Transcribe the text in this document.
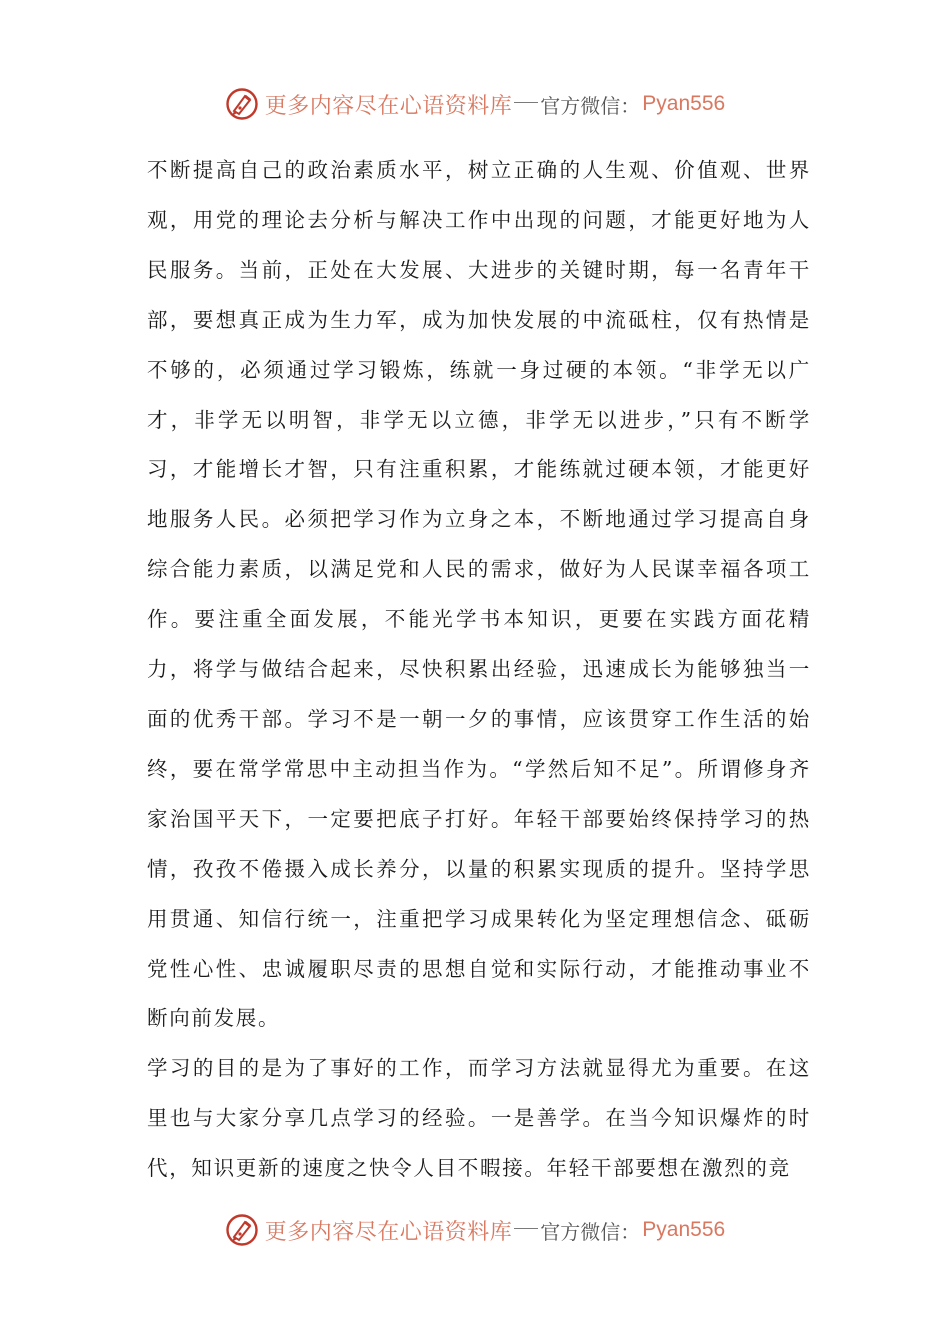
更多内容尽在心语资料库 官方微信： Pyan556

不断提高自己的政治素质水平，树立正确的人生观、价值观、世界观，用党的理论去分析与解决工作中出现的问题，才能更好地为人民服务。当前，正处在大发展、大进步的关键时期，每一名青年干部，要想真正成为生力军，成为加快发展的中流砥柱，仅有热情是不够的，必须通过学习锻炼，练就一身过硬的本领。“非学无以广才，非学无以明智，非学无以立德，非学无以进步，”只有不断学习，才能增长才智，只有注重积累，才能练就过硬本领，才能更好地服务人民。必须把学习作为立身之本，不断地通过学习提高自身综合能力素质，以满足党和人民的需求，做好为人民谋幸福各项工作。要注重全面发展，不能光学书本知识，更要在实践方面花精力，将学与做结合起来，尽快积累出经验，迅速成长为能够独当一面的优秀干部。学习不是一朝一夕的事情，应该贯穿工作生活的始终，要在常学常思中主动担当作为。“学然后知不足”。所谓修身齐家治国平天下，一定要把底子打好。年轻干部要始终保持学习的热情，孜孜不倦摄入成长养分，以量的积累实现质的提升。坚持学思用贯通、知信行统一，注重把学习成果转化为坚定理想信念、砥砺党性心性、忠诚履职尽责的思想自觉和实际行动，才能推动事业不断向前发展。

学习的目的是为了事好的工作，而学习方法就显得尤为重要。在这里也与大家分享几点学习的经验。一是善学。在当今知识爆炸的时代，知识更新的速度之快令人目不暇接。年轻干部要想在激烈的竞

更多内容尽在心语资料库 官方微信： Pyan556
